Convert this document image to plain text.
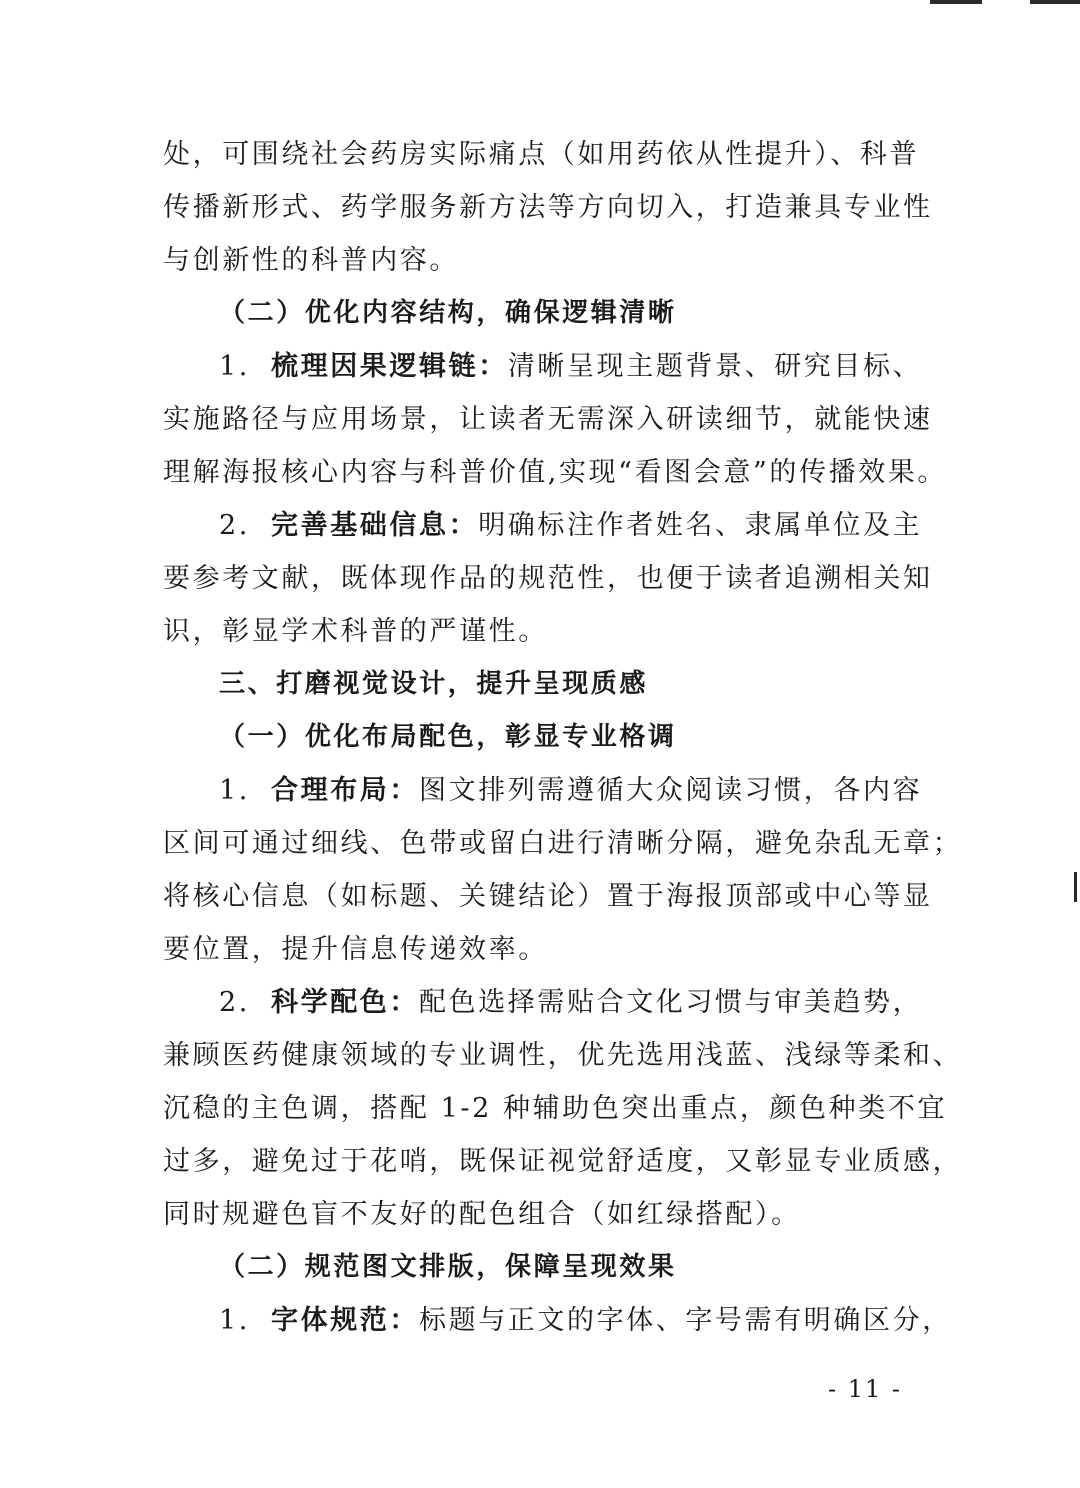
处，可围绕社会药房实际痛点（如用药依从性提升）、科普
传播新形式、药学服务新方法等方向切入，打造兼具专业性
与创新性的科普内容。
（二）优化内容结构，确保逻辑清晰
1. 梳理因果逻辑链：清晰呈现主题背景、研究目标、
实施路径与应用场景，让读者无需深入研读细节，就能快速
理解海报核心内容与科普价值,实现“看图会意”的传播效果。
2. 完善基础信息：明确标注作者姓名、隶属单位及主
要参考文献，既体现作品的规范性，也便于读者追溯相关知
识，彰显学术科普的严谨性。
三、打磨视觉设计，提升呈现质感
（一）优化布局配色，彰显专业格调
1. 合理布局：图文排列需遵循大众阅读习惯，各内容
区间可通过细线、色带或留白进行清晰分隔，避免杂乱无章；
将核心信息（如标题、关键结论）置于海报顶部或中心等显
要位置，提升信息传递效率。
2. 科学配色：配色选择需贴合文化习惯与审美趋势，
兼顾医药健康领域的专业调性，优先选用浅蓝、浅绿等柔和、
沉稳的主色调，搭配 1-2 种辅助色突出重点，颜色种类不宜
过多，避免过于花哨，既保证视觉舒适度，又彰显专业质感，
同时规避色盲不友好的配色组合（如红绿搭配）。
（二）规范图文排版，保障呈现效果
1. 字体规范：标题与正文的字体、字号需有明确区分，
- 11 -
